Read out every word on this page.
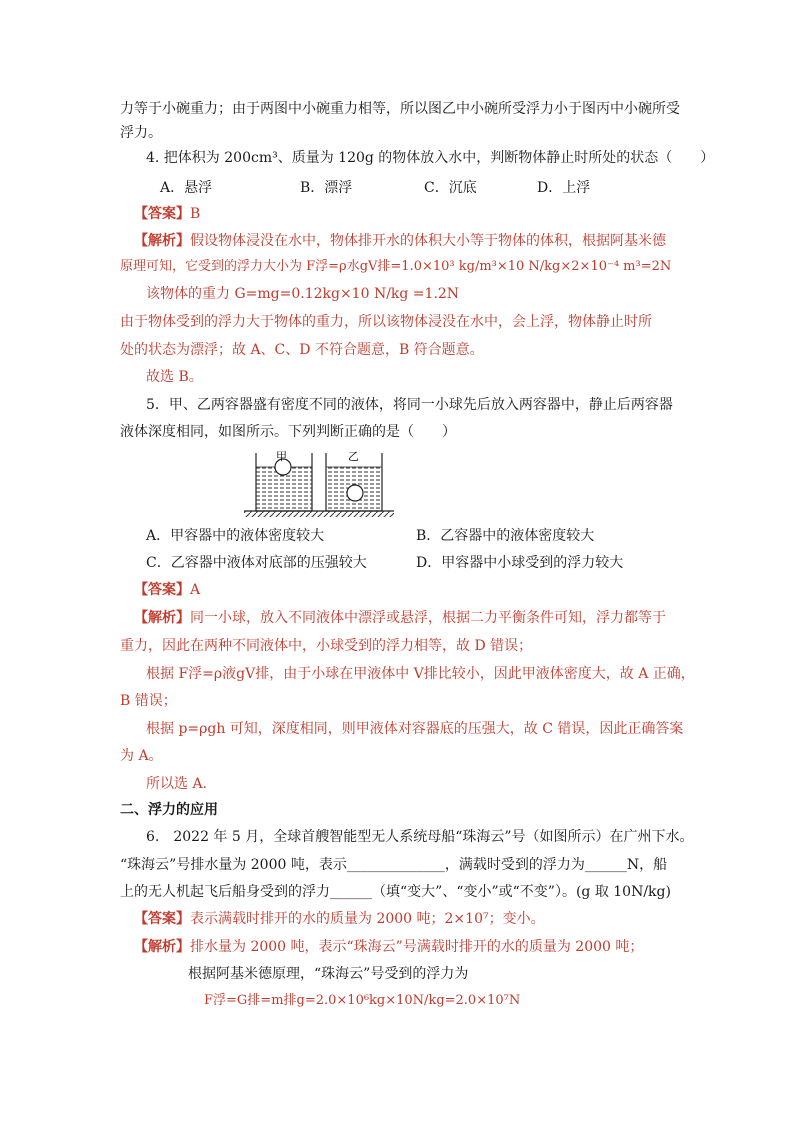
力等于小碗重力；由于两图中小碗重力相等，所以图乙中小碗所受浮力小于图丙中小碗所受
浮力。
4. 把体积为 200cm³、质量为 120g 的物体放入水中，判断物体静止时所处的状态（　　）
A．悬浮	B．漂浮	C．沉底	D．上浮
【答案】B
【解析】假设物体浸没在水中，物体排开水的体积大小等于物体的体积，根据阿基米德
原理可知，它受到的浮力大小为 F浮=ρ水gV排=1.0×10³ kg/m³×10 N/kg×2×10⁻⁴ m³=2N
该物体的重力 G=mg=0.12kg×10 N/kg =1.2N
由于物体受到的浮力大于物体的重力，所以该物体浸没在水中，会上浮，物体静止时所
处的状态为漂浮；故 A、C、D 不符合题意，B 符合题意。
故选 B。
5．甲、乙两容器盛有密度不同的液体，将同一小球先后放入两容器中，静止后两容器
液体深度相同，如图所示。下列判断正确的是（　　）
甲	乙
A．甲容器中的液体密度较大	B．乙容器中的液体密度较大
C．乙容器中液体对底部的压强较大	D．甲容器中小球受到的浮力较大
【答案】A
【解析】同一小球，放入不同液体中漂浮或悬浮，根据二力平衡条件可知，浮力都等于
重力，因此在两种不同液体中，小球受到的浮力相等，故 D 错误；
根据 F浮=ρ液gV排，由于小球在甲液体中 V排比较小，因此甲液体密度大，故 A 正确，
B 错误；
根据 p=ρgh 可知，深度相同，则甲液体对容器底的压强大，故 C 错误，因此正确答案
为 A。
所以选 A.
二、浮力的应用
6.　2022 年 5 月，全球首艘智能型无人系统母船“珠海云”号（如图所示）在广州下水。
“珠海云”号排水量为 2000 吨，表示______________，满载时受到的浮力为______N，船
上的无人机起飞后船身受到的浮力______（填“变大”、“变小”或“不变”）。(g 取 10N/kg)
【答案】表示满载时排开的水的质量为 2000 吨；2×10⁷；变小。
【解析】排水量为 2000 吨，表示“珠海云”号满载时排开的水的质量为 2000 吨；
根据阿基米德原理，“珠海云”号受到的浮力为
F浮=G排=m排g=2.0×10⁶kg×10N/kg=2.0×10⁷N
